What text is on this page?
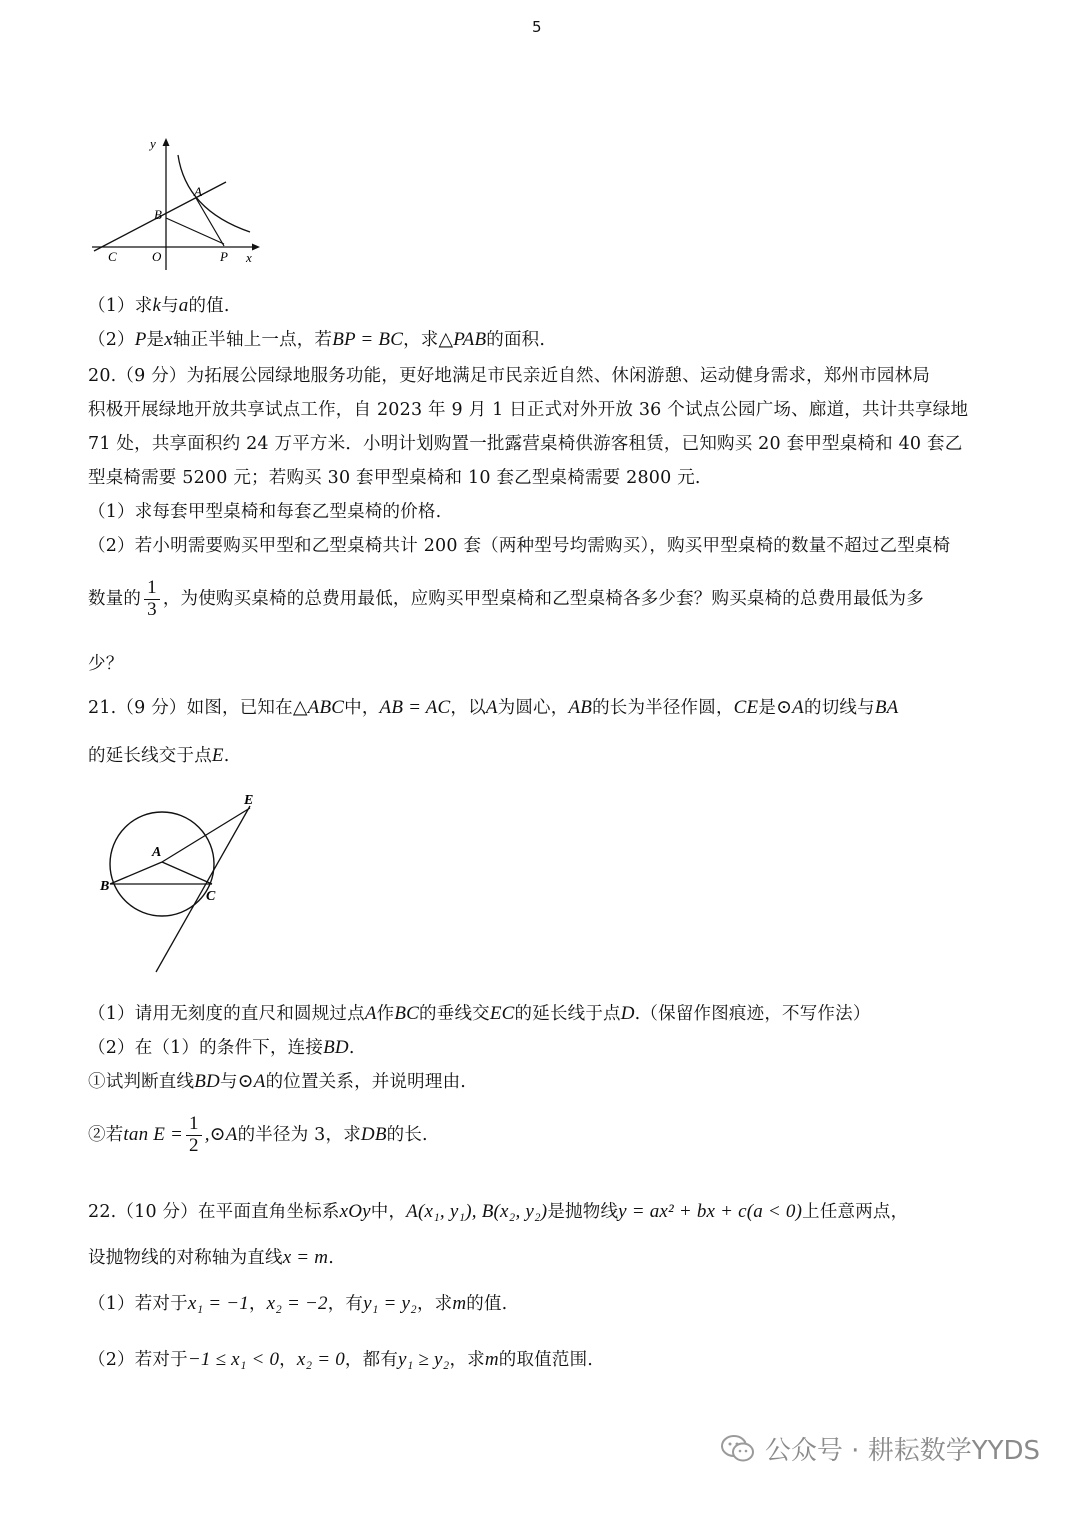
5
y
x
A
B
C	O	P
（1）求k与a的值.
（2）P是x轴正半轴上一点，若BP = BC，求△PAB的面积.
20.（9 分）为拓展公园绿地服务功能，更好地满足市民亲近自然、休闲游憩、运动健身需求，郑州市园林局
积极开展绿地开放共享试点工作，自 2023 年 9 月 1 日正式对外开放 36 个试点公园广场、廊道，共计共享绿地
71 处，共享面积约 24 万平方米．小明计划购置一批露营桌椅供游客租赁，已知购买 20 套甲型桌椅和 40 套乙
型桌椅需要 5200 元；若购买 30 套甲型桌椅和 10 套乙型桌椅需要 2800 元.
（1）求每套甲型桌椅和每套乙型桌椅的价格.
（2）若小明需要购买甲型和乙型桌椅共计 200 套（两种型号均需购买），购买甲型桌椅的数量不超过乙型桌椅
数量的 $\frac{1}{3}$ ，为使购买桌椅的总费用最低，应购买甲型桌椅和乙型桌椅各多少套？购买桌椅的总费用最低为多
少？
21.（9 分）如图，已知在△ABC中，AB = AC，以A为圆心，AB的长为半径作圆，CE是⊙A的切线与BA
的延长线交于点E.
E
A
B
C
（1）请用无刻度的直尺和圆规过点A作BC的垂线交EC的延长线于点D.（保留作图痕迹，不写作法）
（2）在（1）的条件下，连接BD.
①试判断直线BD与⊙A的位置关系，并说明理由.
②若$\tan E = \frac{1}{2}$ ,⊙A的半径为 3，求DB的长.
22.（10 分）在平面直角坐标系xOy中，A(x₁, y₁), B(x₂, y₂)是抛物线y = ax² + bx + c(a < 0)上任意两点，
设抛物线的对称轴为直线x = m.
（1）若对于x₁ = −1，x₂ = −2，有y₁ = y₂，求m的值.
（2）若对于−1 ≤ x₁ < 0，x₂ = 0，都有y₁ ≥ y₂，求m的取值范围.
公众号 · 耕耘数学YYDS
